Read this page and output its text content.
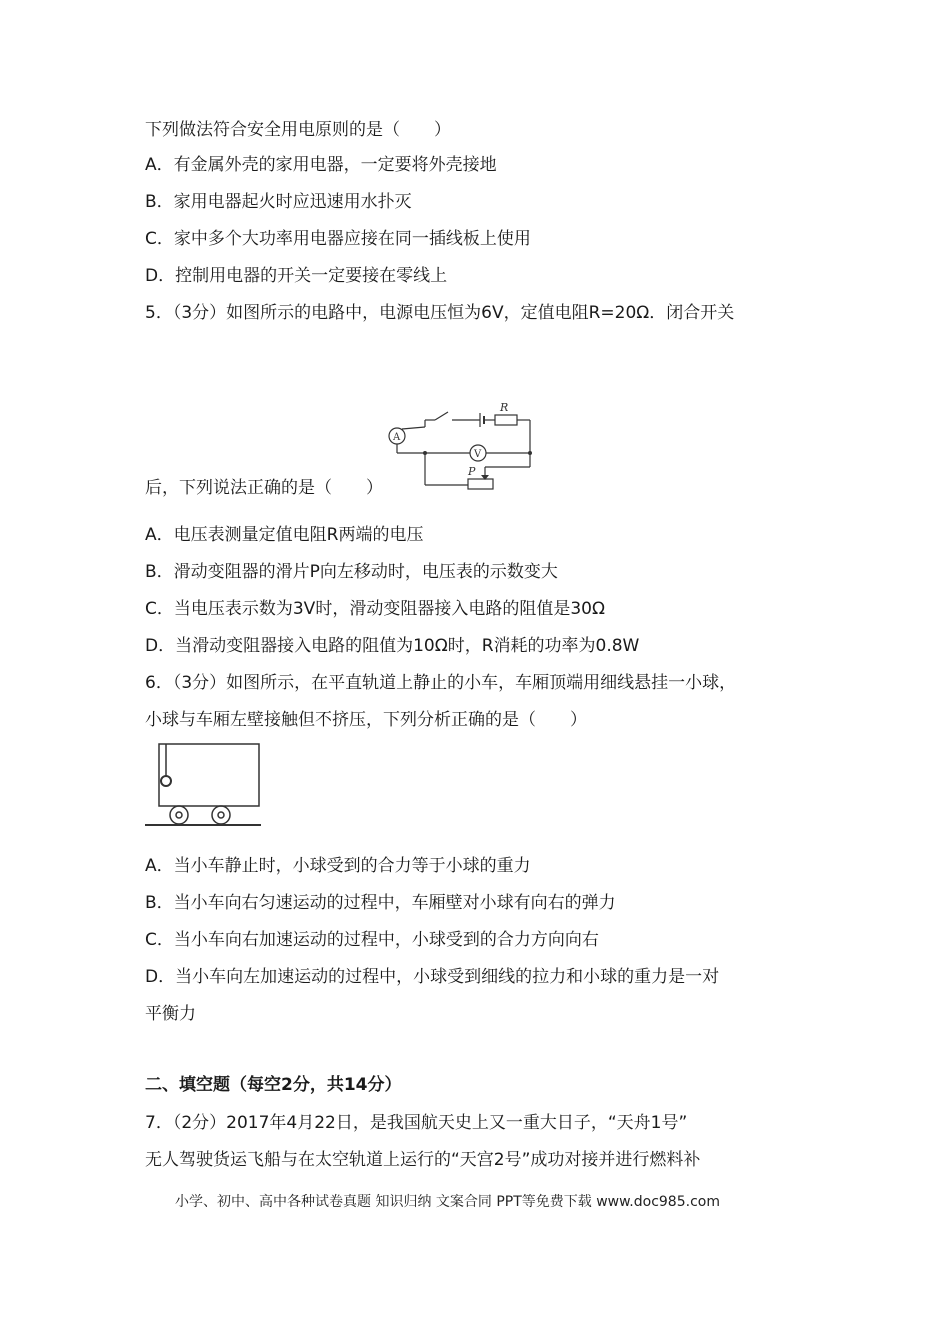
下列做法符合安全用电原则的是（　　）
A．有金属外壳的家用电器，一定要将外壳接地
B．家用电器起火时应迅速用水扑灭
C．家中多个大功率用电器应接在同一插线板上使用
D．控制用电器的开关一定要接在零线上
5．（3分）如图所示的电路中，电源电压恒为6V，定值电阻R=20Ω．闭合开关
R
A
V
P
后，下列说法正确的是（　　）
A．电压表测量定值电阻R两端的电压
B．滑动变阻器的滑片P向左移动时，电压表的示数变大
C．当电压表示数为3V时，滑动变阻器接入电路的阻值是30Ω
D．当滑动变阻器接入电路的阻值为10Ω时，R消耗的功率为0.8W
6．（3分）如图所示，在平直轨道上静止的小车，车厢顶端用细线悬挂一小球，
小球与车厢左壁接触但不挤压，下列分析正确的是（　　）
A．当小车静止时，小球受到的合力等于小球的重力
B．当小车向右匀速运动的过程中，车厢壁对小球有向右的弹力
C．当小车向右加速运动的过程中，小球受到的合力方向向右
D．当小车向左加速运动的过程中，小球受到细线的拉力和小球的重力是一对
平衡力
二、填空题（每空2分，共14分）
7．（2分）2017年4月22日，是我国航天史上又一重大日子，“天舟1号”
无人驾驶货运飞船与在太空轨道上运行的“天宫2号”成功对接并进行燃料补
小学、初中、高中各种试卷真题 知识归纳 文案合同 PPT等免费下载 www.doc985.com
